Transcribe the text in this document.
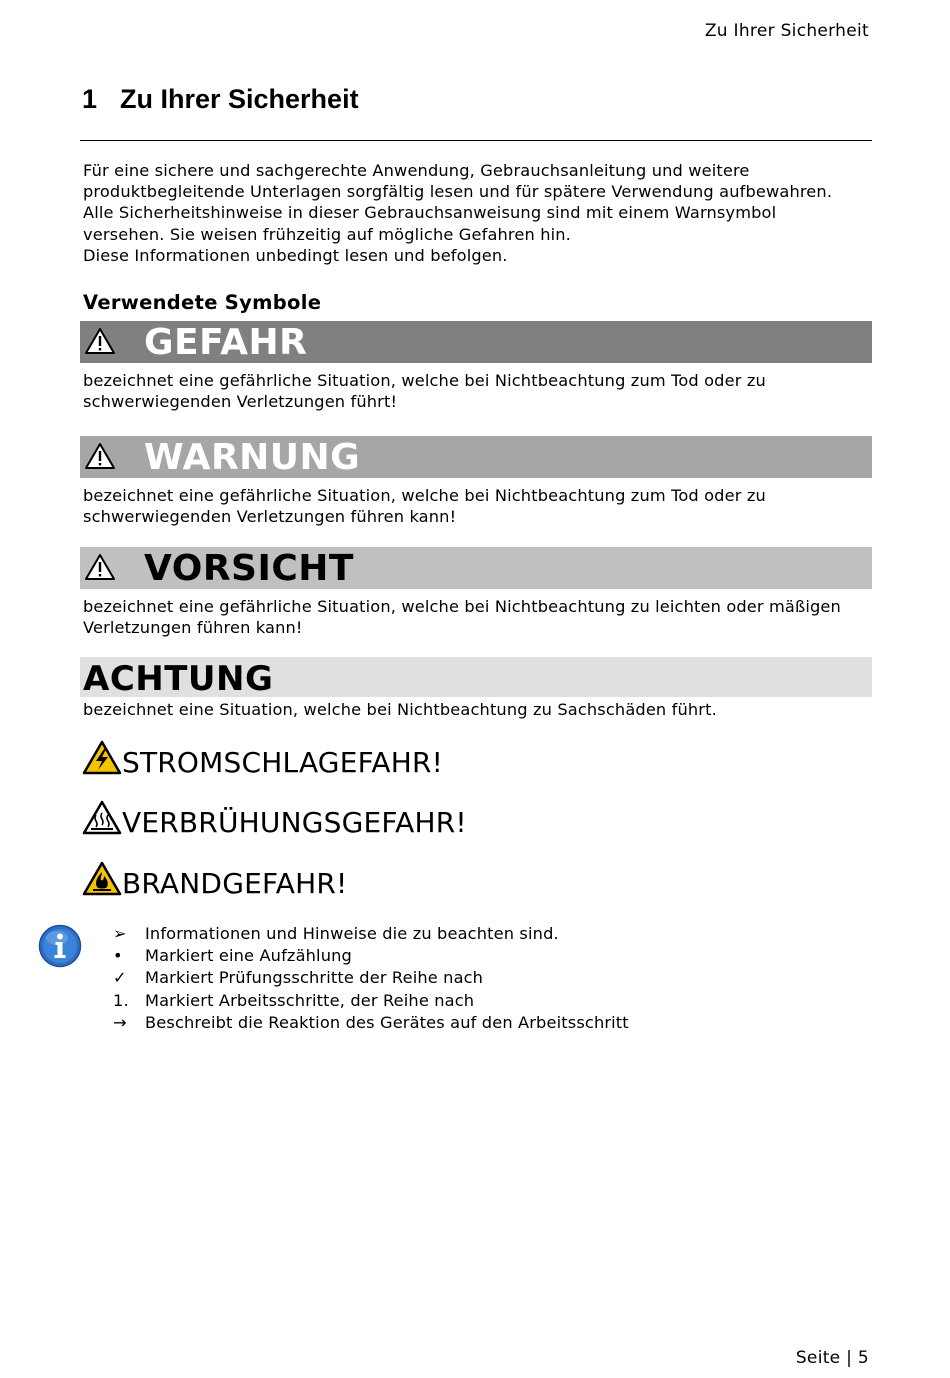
Zu Ihrer Sicherheit
1 Zu Ihrer Sicherheit

Für eine sichere und sachgerechte Anwendung, Gebrauchsanleitung und weitere produktbegleitende Unterlagen sorgfältig lesen und für spätere Verwendung aufbewahren.

Alle Sicherheitshinweise in dieser Gebrauchsanweisung sind mit einem Warnsymbol versehen. Sie weisen frühzeitig auf mögliche Gefahren hin.

Diese Informationen unbedingt lesen und befolgen.

Verwendete Symbole
GEFAHR
bezeichnet eine gefährliche Situation, welche bei Nichtbeachtung zum Tod oder zu schwerwiegenden Verletzungen führt!
WARNUNG
bezeichnet eine gefährliche Situation, welche bei Nichtbeachtung zum Tod oder zu schwerwiegenden Verletzungen führen kann!
VORSICHT
bezeichnet eine gefährliche Situation, welche bei Nichtbeachtung zu leichten oder mäßigen Verletzungen führen kann!
ACHTUNG
bezeichnet eine Situation, welche bei Nichtbeachtung zu Sachschäden führt.
STROMSCHLAGEFAHR!
VERBRÜHUNGSGEFAHR!
BRANDGEFAHR!
➢ Informationen und Hinweise die zu beachten sind.
• Markiert eine Aufzählung
✓ Markiert Prüfungsschritte der Reihe nach
1. Markiert Arbeitsschritte, der Reihe nach
→ Beschreibt die Reaktion des Gerätes auf den Arbeitsschritt
Seite | 5
